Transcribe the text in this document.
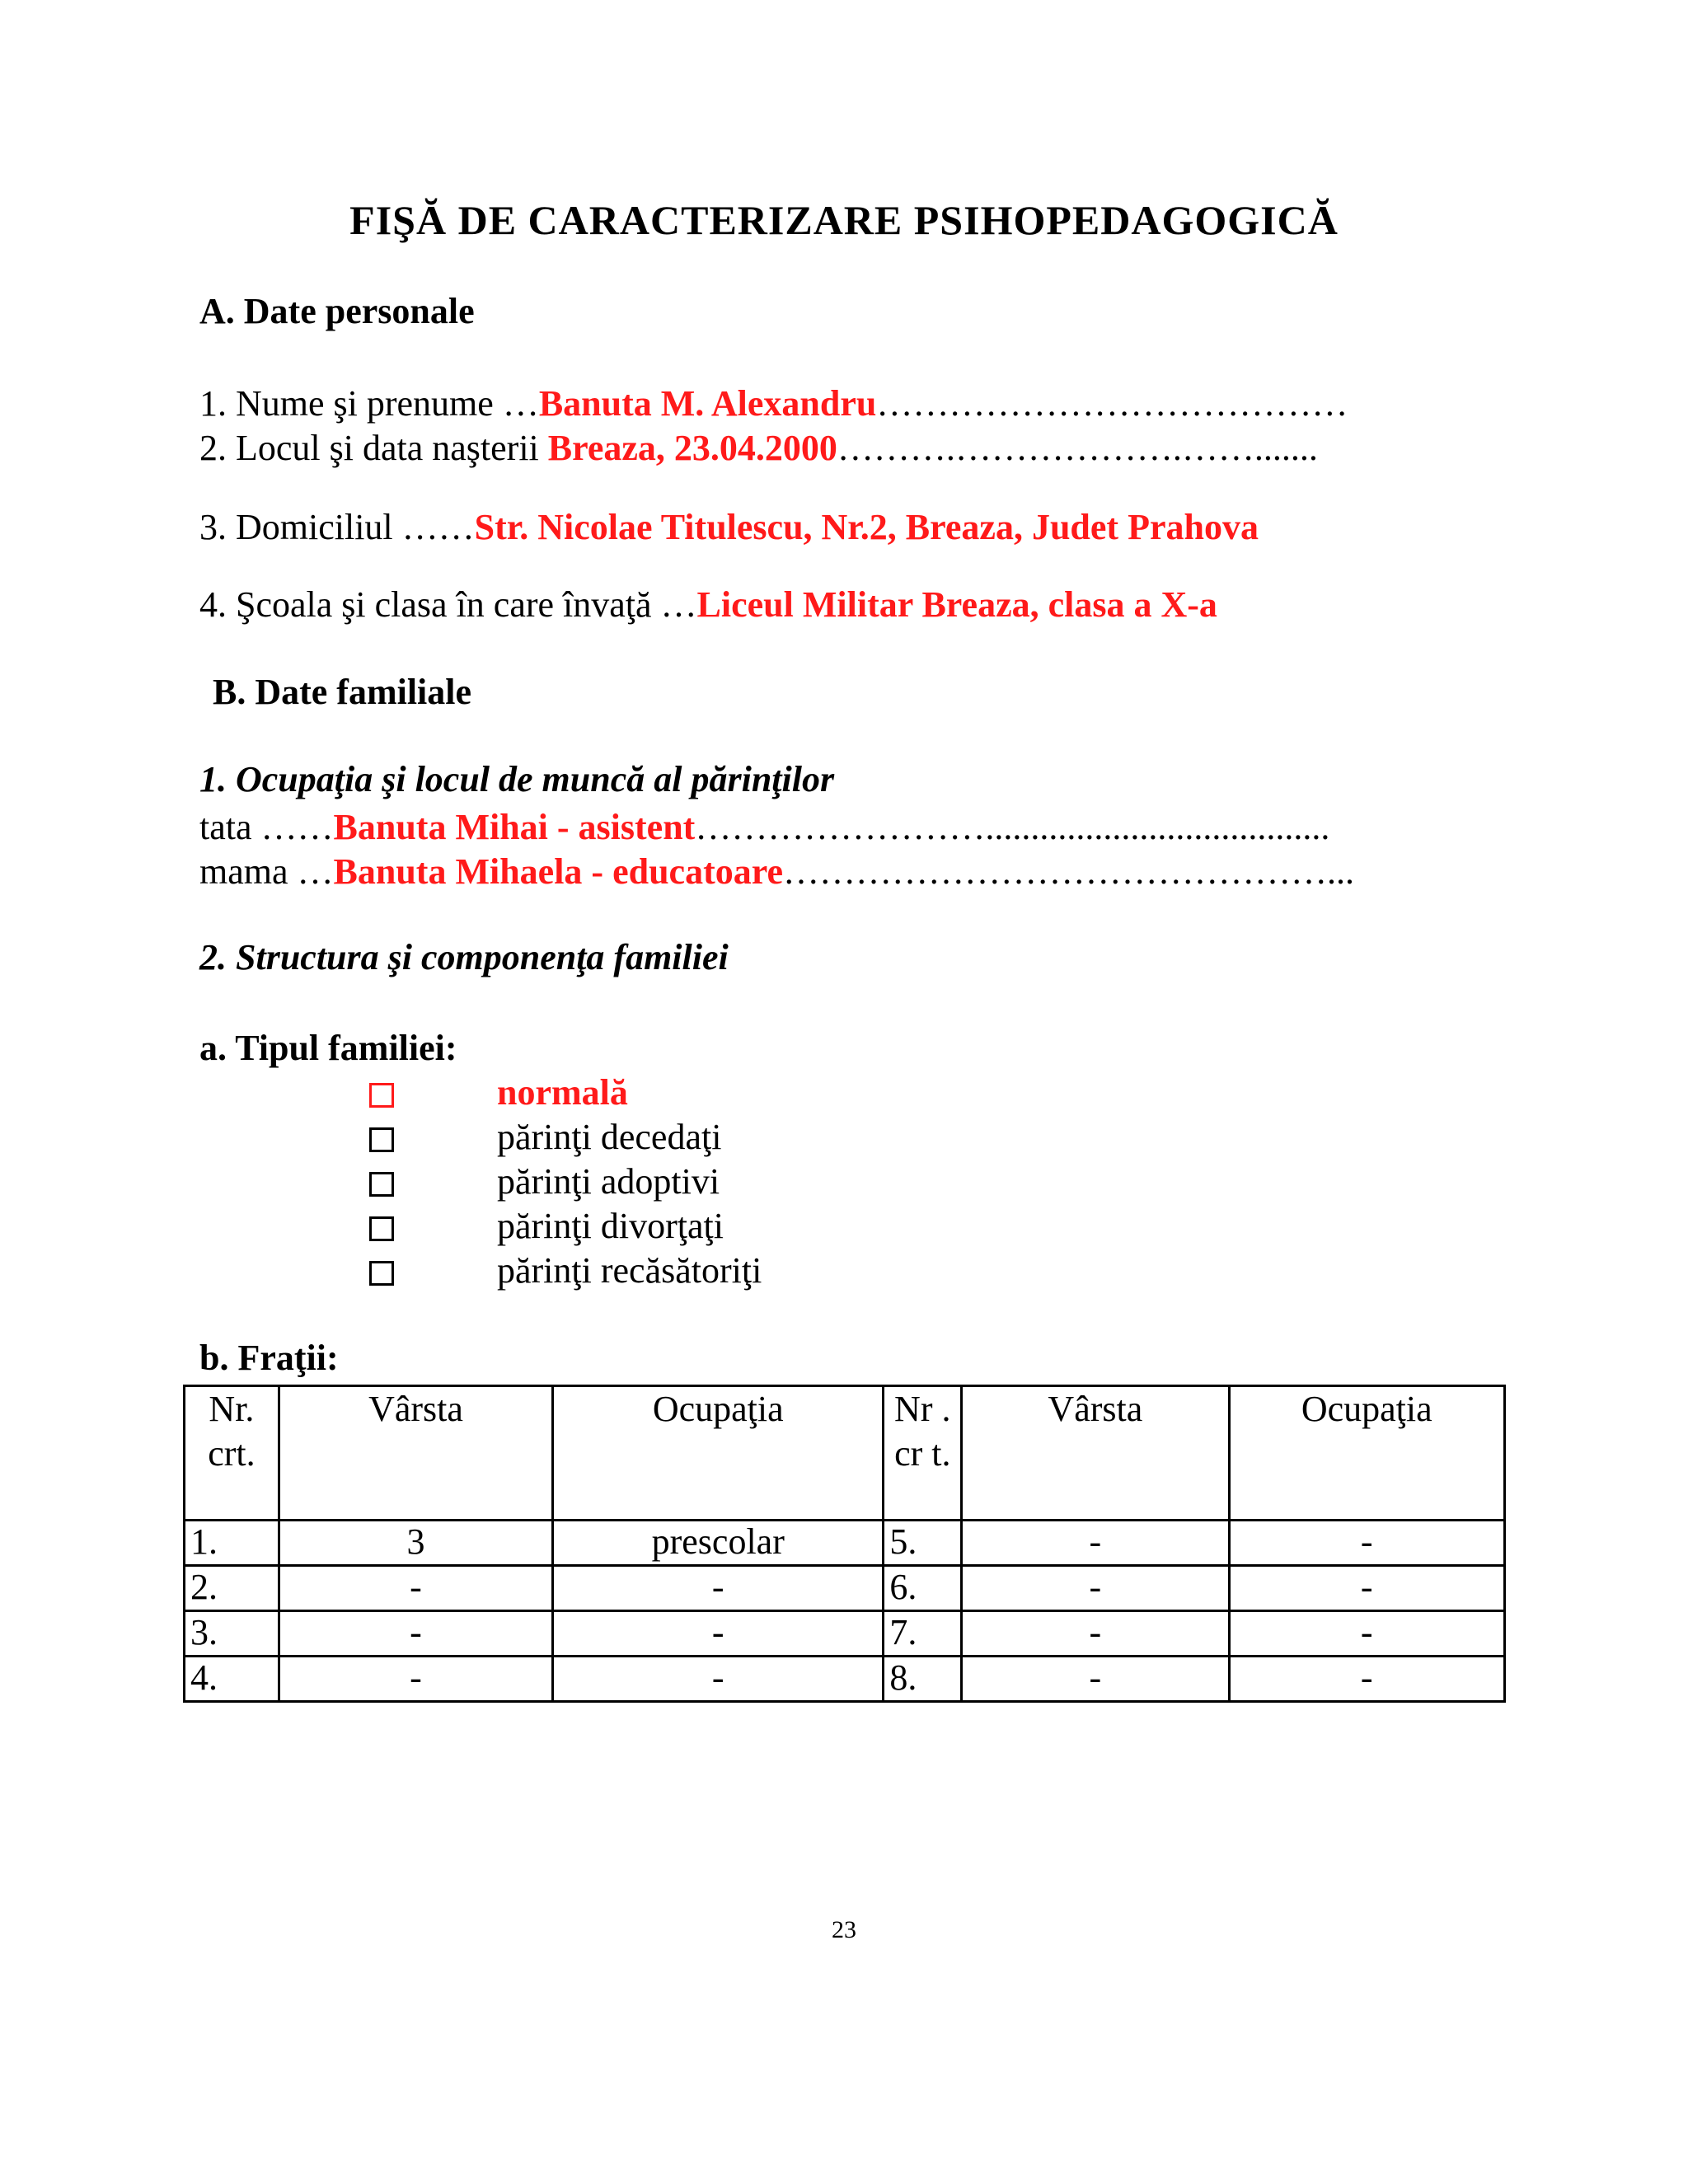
FIŞĂ DE CARACTERIZARE PSIHOPEDAGOGICĂ
A. Date personale
1. Nume şi prenume …Banuta M. Alexandru…………………………………
2. Locul şi data naşterii Breaza, 23.04.2000……….……………….…….......
3. Domiciliul ……Str. Nicolae Titulescu, Nr.2, Breaza, Judet Prahova
4. Şcoala şi clasa în care învaţă …Liceul Militar Breaza, clasa a X-a
B. Date familiale
1. Ocupaţia şi locul de muncă al părinţilor
tata ……Banuta Mihai - asistent……………………......................................
mama …Banuta Mihaela - educatoare………………………………………...
2. Structura şi componenţa familiei
a. Tipul familiei:
normală
părinţi decedaţi
părinţi adoptivi
părinţi divorţaţi
părinţi recăsătoriţi
b. Fraţii:
Nr. crt.	Vârsta	Ocupaţia	Nr .cr t.	Vârsta	Ocupaţia
1.	3	prescolar	5.	-	-
2.	-	-	6.	-	-
3.	-	-	7.	-	-
4.	-	-	8.	-	-
23
